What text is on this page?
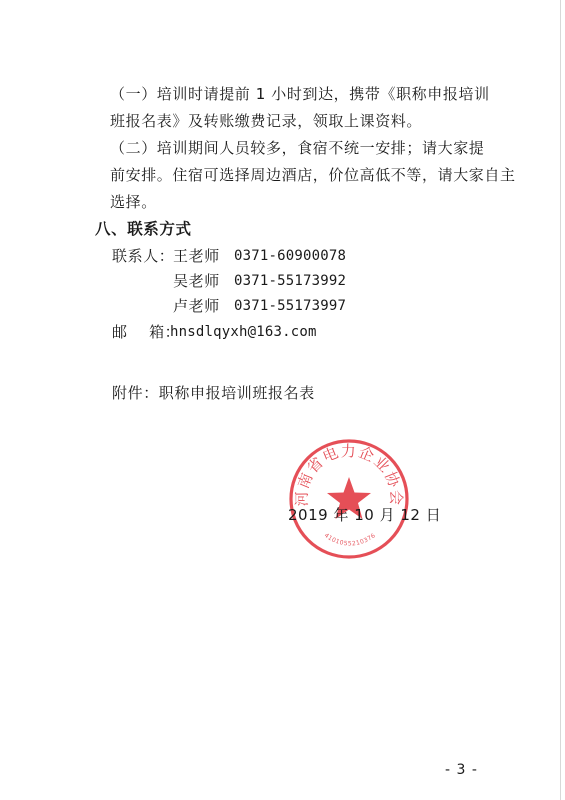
（一）培训时请提前 1 小时到达，携带《职称申报培训
班报名表》及转账缴费记录，领取上课资料。
（二）培训期间人员较多，食宿不统一安排；请大家提
前安排。住宿可选择周边酒店，价位高低不等，请大家自主
选择。
八、联系方式
联系人：
王老师 0371-60900078
吴老师 0371-55173992
卢老师 0371-55173997
邮    箱：
hnsdlqyxh@163.com
附件：职称申报培训班报名表
河南省电力企业协会
4101055210376
2019 年 10 月 12 日
- 3 -
